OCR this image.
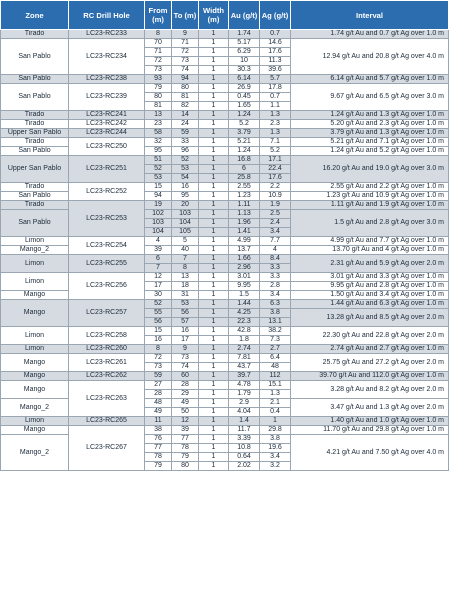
Zone	RC Drill Hole	From (m)	To (m)	Width (m)	Au (g/t)	Ag (g/t)	Interval
Tirado	LC23-RC233	8	9	1	1.74	0.7	1.74 g/t Au and 0.7 g/t Ag over 1.0 m
San Pablo	LC23-RC234	70	71	1	5.17	14.6	12.94 g/t Au and 20.8 g/t Ag over 4.0 m
		71	72	1	6.29	17.6	
		72	73	1	10	11.3	
		73	74	1	30.3	39.6	
San Pablo	LC23-RC238	93	94	1	6.14	5.7	6.14 g/t Au and 5.7 g/t Ag over 1.0 m
San Pablo	LC23-RC239	79	80	1	26.9	17.8	9.67 g/t Au and 6.5 g/t Ag over 3.0 m
		80	81	1	0.45	0.7	
		81	82	1	1.65	1.1	
Tirado	LC23-RC241	13	14	1	1.24	1.3	1.24 g/t Au and 1.3 g/t Ag over 1.0 m
Tirado	LC23-RC242	23	24	1	5.2	2.3	5.20 g/t Au and 2.3 g/t Ag over 1.0 m
Upper San Pablo	LC23-RC244	58	59	1	3.79	1.3	3.79 g/t Au and 1.3 g/t Ag over 1.0 m
Tirado	LC23-RC250	32	33	1	5.21	7.1	5.21 g/t Au and 7.1 g/t Ag over 1.0 m
San Pablo		95	96	1	1.24	5.2	1.24 g/t Au and 5.2 g/t Ag over 1.0 m
Upper San Pablo	LC23-RC251	51	52	1	16.8	17.1	16.20 g/t Au and 19.0 g/t Ag over 3.0 m
		52	53	1	6	22.4	
		53	54	1	25.8	17.6	
Tirado	LC23-RC252	15	16	1	2.55	2.2	2.55 g/t Au and 2.2 g/t Ag over 1.0 m
San Pablo		94	95	1	1.23	10.9	1.23 g/t Au and 10.9 g/t Ag over 1.0 m
Tirado	LC23-RC253	19	20	1	1.11	1.9	1.11 g/t Au and 1.9 g/t Ag over 1.0 m
San Pablo		102	103	1	1.13	2.5	1.5 g/t Au and 2.8 g/t Ag over 3.0 m
		103	104	1	1.96	2.4	
		104	105	1	1.41	3.4	
Limon	LC23-RC254	4	5	1	4.99	7.7	4.99 g/t Au and 7.7 g/t Ag over 1.0 m
Mango_2		39	40	1	13.7	4	13.70 g/t Au and 4 g/t Ag over 1.0 m
Limon	LC23-RC255	6	7	1	1.66	8.4	2.31 g/t Au and 5.9 g/t Ag over 2.0 m
		7	8	1	2.96	3.3	
Limon	LC23-RC256	12	13	1	3.01	3.3	3.01 g/t Au and 3.3 g/t Ag over 1.0 m
		17	18	1	9.95	2.8	9.95 g/t Au and 2.8 g/t Ag over 1.0 m
Mango		30	31	1	1.5	3.4	1.50 g/t Au and 3.4 g/t Ag over 1.0 m
Mango	LC23-RC257	52	53	1	1.44	6.3	1.44 g/t Au and 6.3 g/t Ag over 1.0 m
		55	56	1	4.25	3.8	13.28 g/t Au and 8.5 g/t Ag over 2.0 m
		56	57	1	22.3	13.1	
Limon	LC23-RC258	15	16	1	42.8	38.2	22.30 g/t Au and 22.8 g/t Ag over 2.0 m
		16	17	1	1.8	7.3	
Limon	LC23-RC260	8	9	1	2.74	2.7	2.74 g/t Au and 2.7 g/t Ag over 1.0 m
Mango	LC23-RC261	72	73	1	7.81	6.4	25.75 g/t Au and 27.2 g/t Ag over 2.0 m
		73	74	1	43.7	48	
Mango	LC23-RC262	59	60	1	39.7	112	39.70 g/t Au and 112.0 g/t Ag over 1.0 m
Mango	LC23-RC263	27	28	1	4.78	15.1	3.28 g/t Au and 8.2 g/t Ag over 2.0 m
		28	29	1	1.79	1.3	
Mango_2		48	49	1	2.9	2.1	3.47 g/t Au and 1.3 g/t Ag over 2.0 m
		49	50	1	4.04	0.4	
Limon	LC23-RC265	11	12	1	1.4	1	1.40 g/t Au and 1.0 g/t Ag over 1.0 m
Mango	LC23-RC267	38	39	1	11.7	29.8	11.70 g/t Au and 29.8 g/t Ag over 1.0 m
Mango_2		76	77	1	3.39	3.8	4.21 g/t Au and 7.50 g/t Ag over 4.0 m
		77	78	1	10.8	19.6	
		78	79	1	0.64	3.4	
		79	80	1	2.02	3.2	
